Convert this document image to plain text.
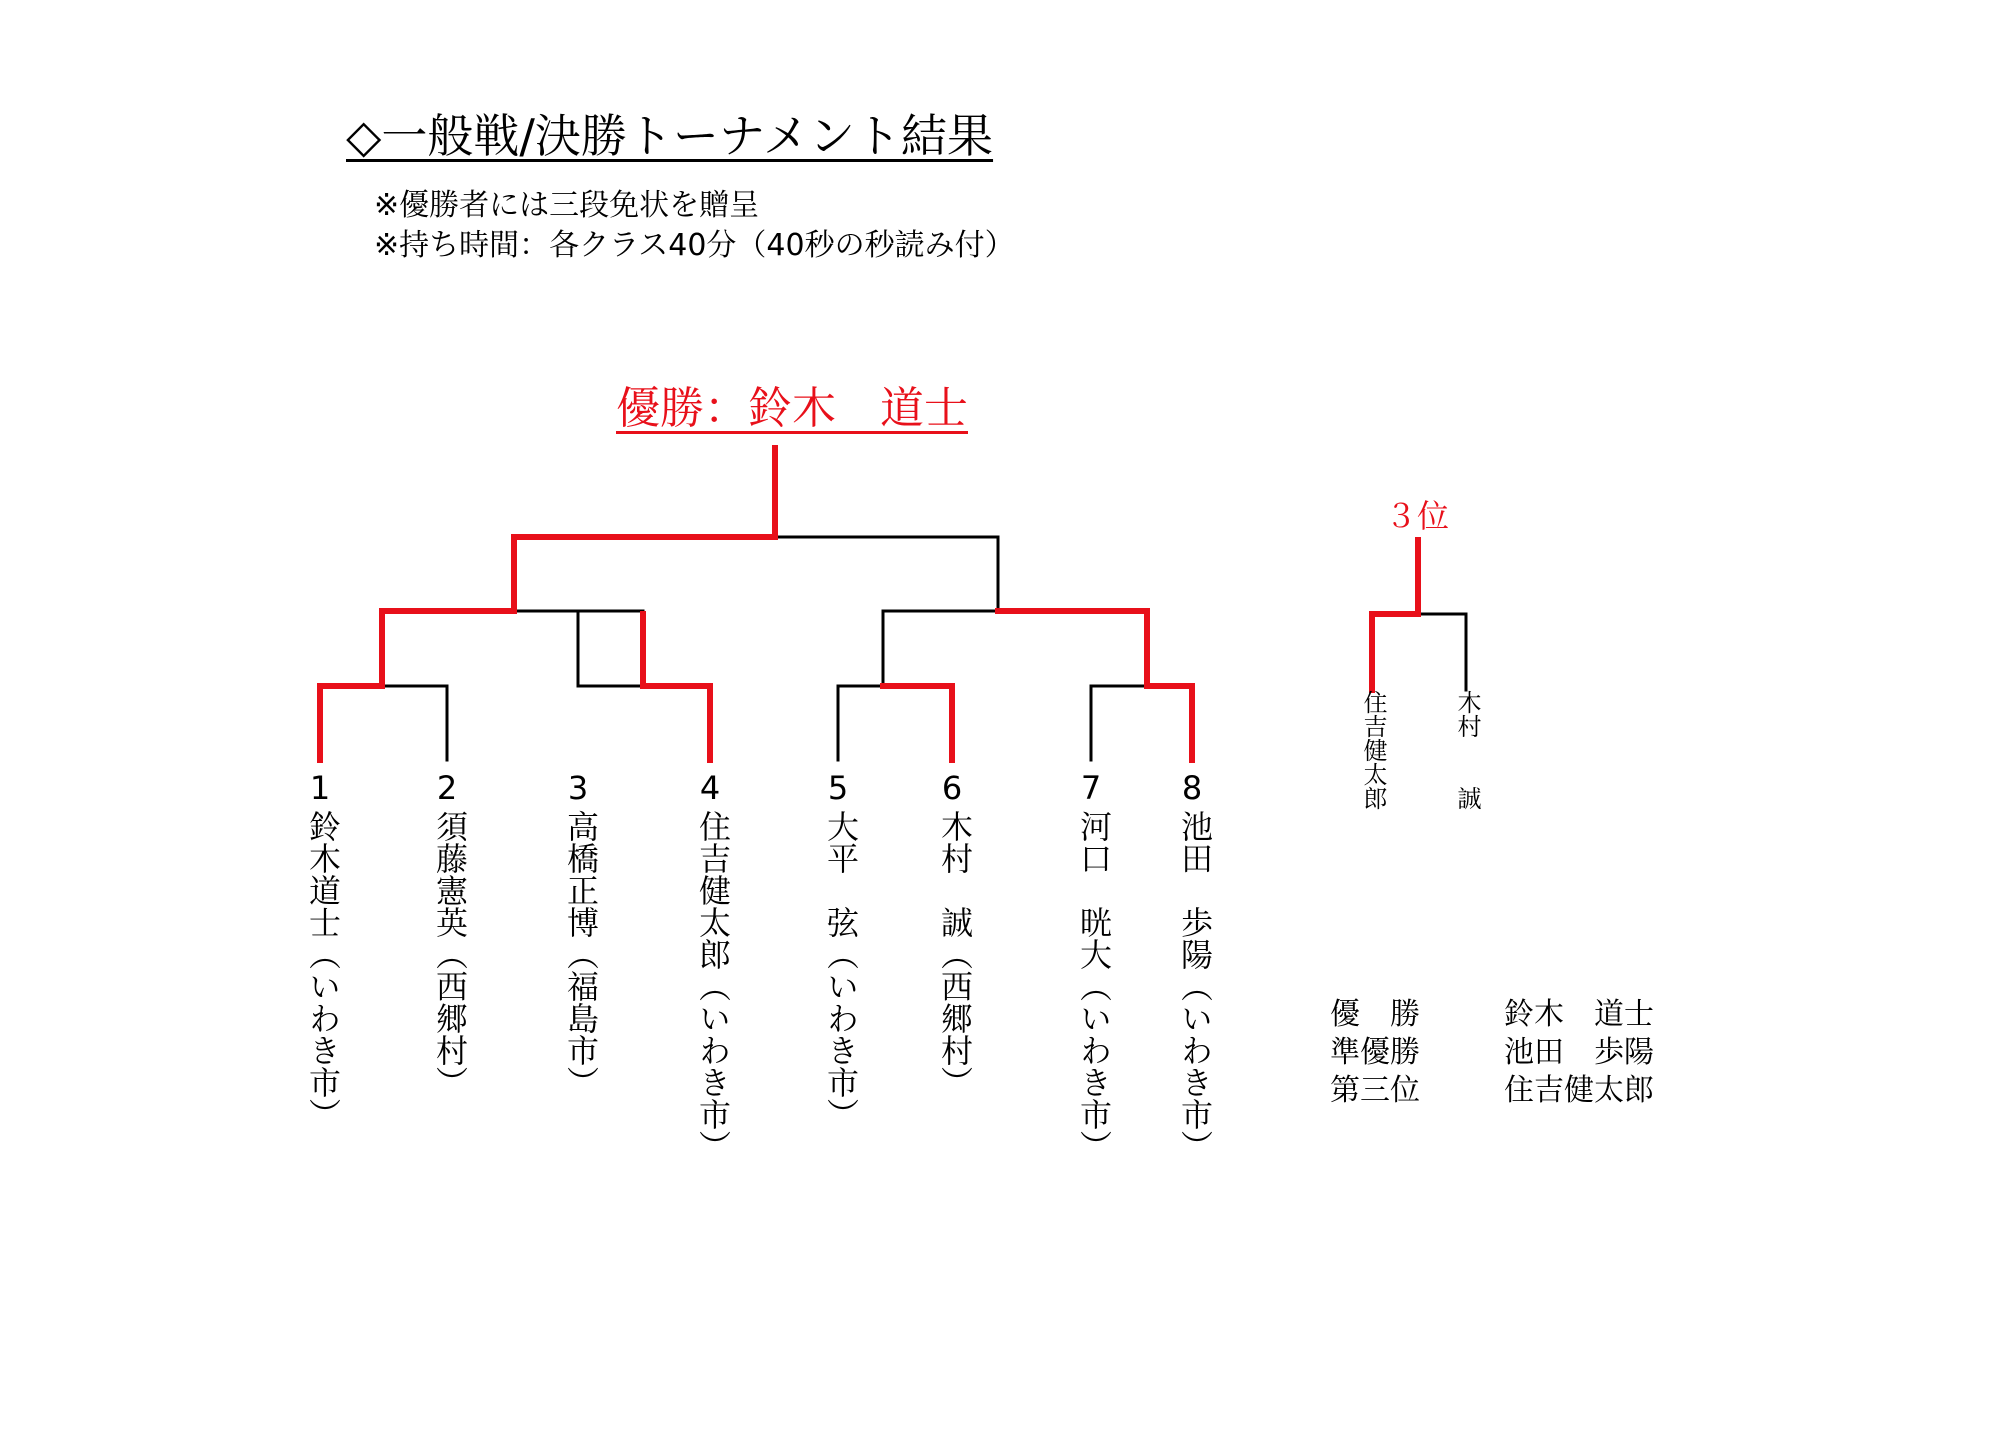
◇一般戦/決勝トーナメント結果
※優勝者には三段免状を贈呈
※持ち時間：各クラス40分（40秒の秒読み付）
優勝：鈴木　道士
３位
1	2	3	4	5	6	7	8
鈴木道士（いわき市）	須藤憲英（西郷村）	高橋正博（福島市）	住吉健太郎（いわき市）	大平　弦（いわき市） 木村　誠（西郷村）	河口　晄大（いわき市） 池田　歩陽（いわき市）
住吉健太郎	木村　　誠
優　勝	鈴木　道士
準優勝	池田　歩陽
第三位	住吉健太郎
